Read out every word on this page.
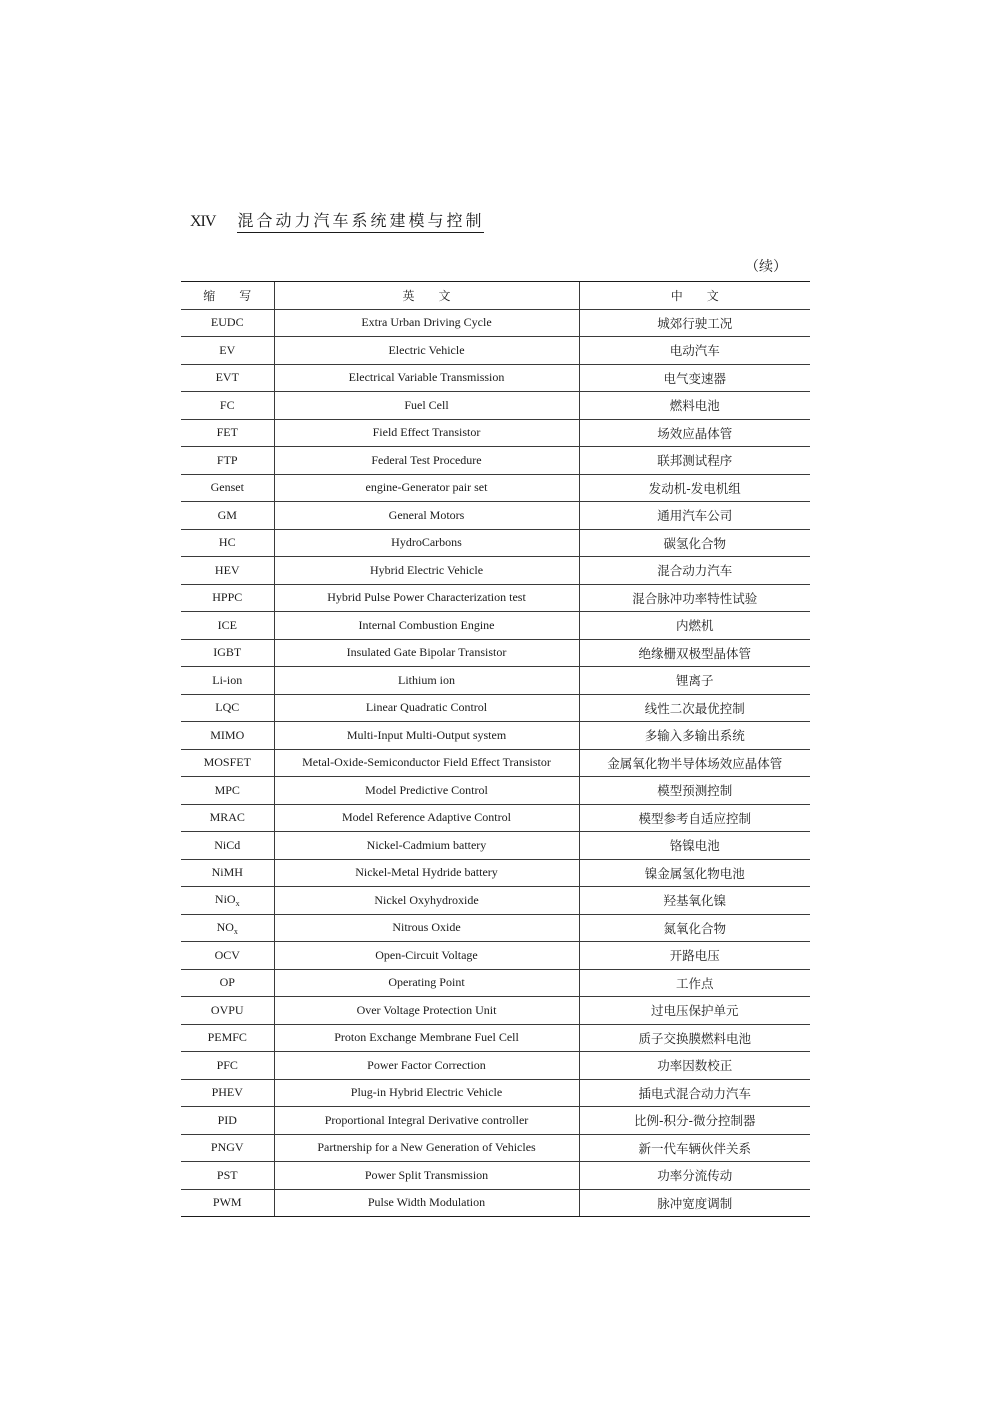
XIV 混合动力汽车系统建模与控制
（续）
缩　　写	英　　文	中　　文
EUDC	Extra Urban Driving Cycle	城郊行驶工况
EV	Electric Vehicle	电动汽车
EVT	Electrical Variable Transmission	电气变速器
FC	Fuel Cell	燃料电池
FET	Field Effect Transistor	场效应晶体管
FTP	Federal Test Procedure	联邦测试程序
Genset	engine-Generator pair set	发动机-发电机组
GM	General Motors	通用汽车公司
HC	HydroCarbons	碳氢化合物
HEV	Hybrid Electric Vehicle	混合动力汽车
HPPC	Hybrid Pulse Power Characterization test	混合脉冲功率特性试验
ICE	Internal Combustion Engine	内燃机
IGBT	Insulated Gate Bipolar Transistor	绝缘栅双极型晶体管
Li-ion	Lithium ion	锂离子
LQC	Linear Quadratic Control	线性二次最优控制
MIMO	Multi-Input Multi-Output system	多输入多输出系统
MOSFET	Metal-Oxide-Semiconductor Field Effect Transistor	金属氧化物半导体场效应晶体管
MPC	Model Predictive Control	模型预测控制
MRAC	Model Reference Adaptive Control	模型参考自适应控制
NiCd	Nickel-Cadmium battery	铬镍电池
NiMH	Nickel-Metal Hydride battery	镍金属氢化物电池
NiO$_x$	Nickel Oxyhydroxide	羟基氧化镍
$NO_x$	Nitrous Oxide	氮氧化合物
OCV	Open-Circuit Voltage	开路电压
OP	Operating Point	工作点
OVPU	Over Voltage Protection Unit	过电压保护单元
PEMFC	Proton Exchange Membrane Fuel Cell	质子交换膜燃料电池
PFC	Power Factor Correction	功率因数校正
PHEV	Plug-in Hybrid Electric Vehicle	插电式混合动力汽车
PID	Proportional Integral Derivative controller	比例-积分-微分控制器
PNGV	Partnership for a New Generation of Vehicles	新一代车辆伙伴关系
PST	Power Split Transmission	功率分流传动
PWM	Pulse Width Modulation	脉冲宽度调制
